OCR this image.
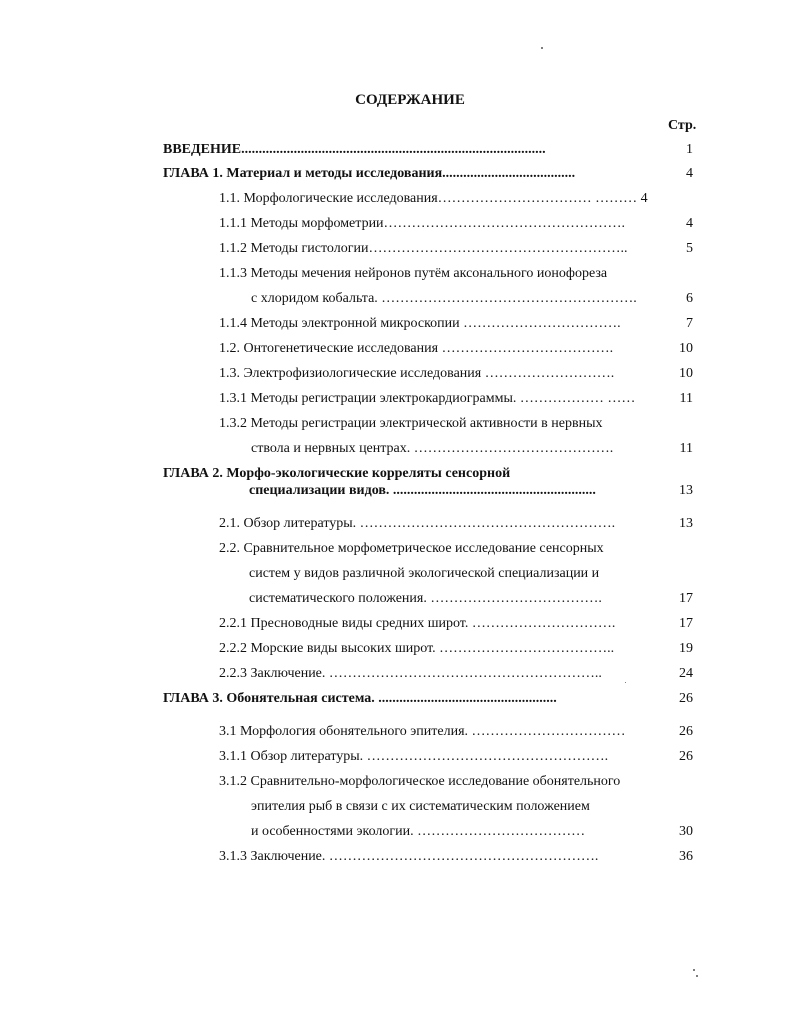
СОДЕРЖАНИЕ
Стр.
ВВЕДЕНИЕ.......................................................................................	1
ГЛАВА 1. Материал и методы исследования......................................	4
1.1. Морфологические исследования…………………………… ……… 4
1.1.1 Методы морфометрии…………………………………………….	4
1.1.2 Методы гистологии………………………………………………..	5
1.1.3 Методы мечения нейронов путём аксонального ионофореза
с хлоридом кобальта. ……………………………………………….	6
1.1.4 Методы электронной микроскопии …………………………….	7
1.2. Онтогенетические исследования ……………………………….	10
1.3. Электрофизиологические исследования ……………………….	10
1.3.1 Методы регистрации электрокардиограммы. ……………… ……	11
1.3.2 Методы регистрации электрической активности в нервных
ствола и нервных центрах. …………………………………….	11
ГЛАВА 2. Морфо-экологические корреляты сенсорной
специализации видов. ..........................................................	13
2.1. Обзор литературы. ……………………………………………….	13
2.2. Сравнительное морфометрическое исследование сенсорных
систем у видов различной экологической специализации и
систематического положения. ……………………………….	17
2.2.1 Пресноводные виды средних широт. ………………………….	17
2.2.2 Морские виды высоких широт. ………………………………..	19
2.2.3 Заключение. …………………………………………………..	24
ГЛАВА 3. Обонятельная система. ...................................................	26
3.1 Морфология обонятельного эпителия. ……………………………	26
3.1.1 Обзор литературы. …………………………………………….	26
3.1.2 Сравнительно-морфологическое исследование обонятельного
эпителия рыб в связи с их систематическим положением
и особенностями экологии. ………………………………	30
3.1.3 Заключение. ………………………………………………….	36
